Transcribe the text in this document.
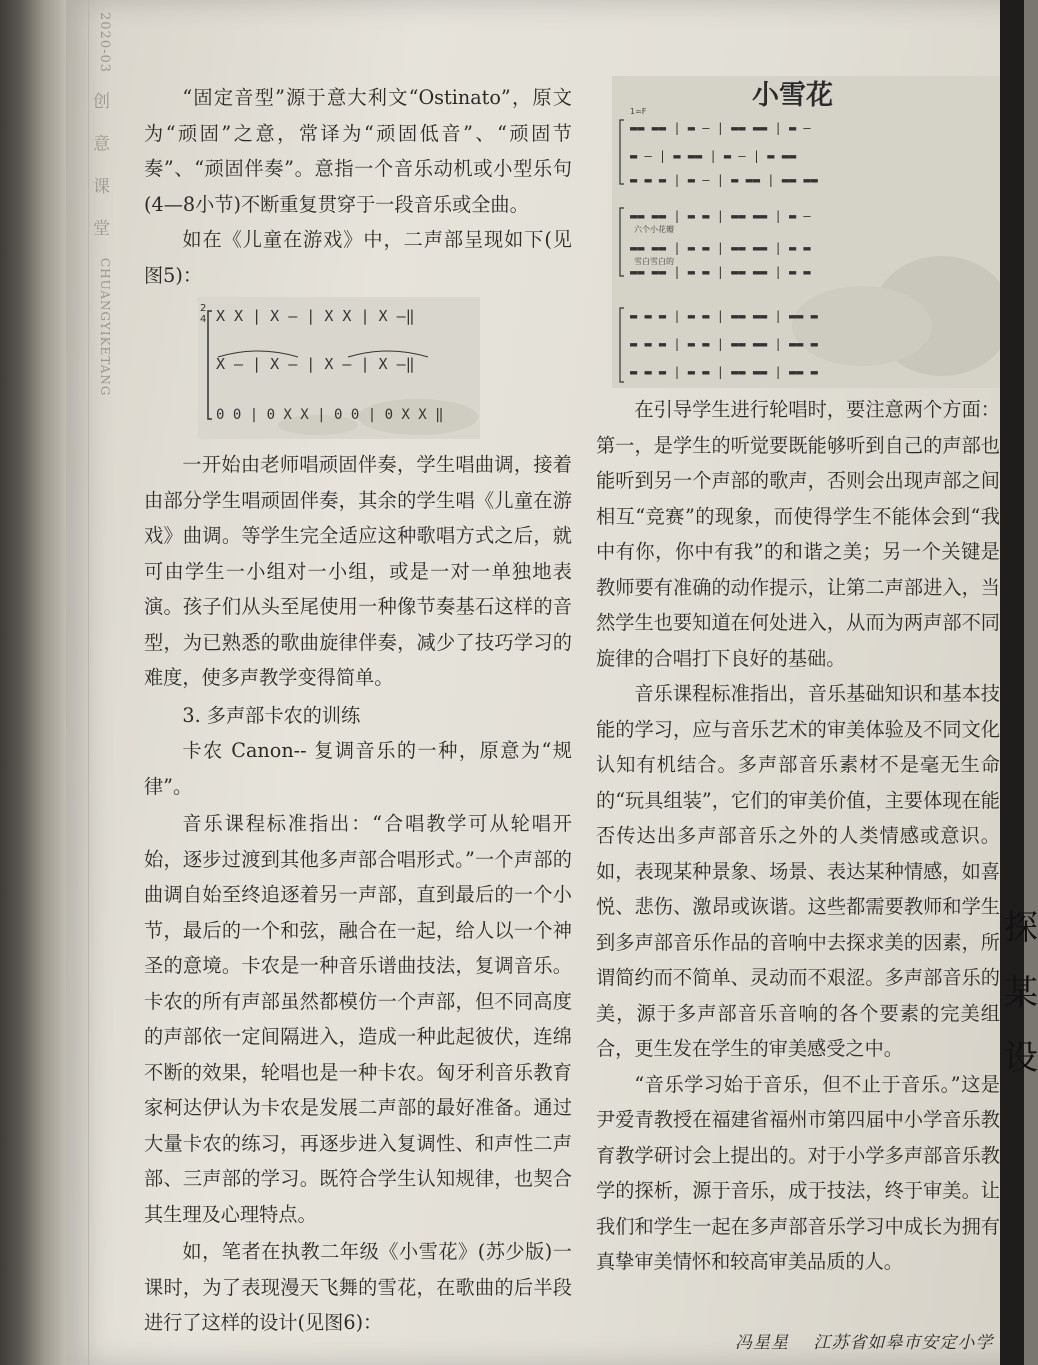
2020-03
创 意 课 堂
CHUANGYIKETANG

“固定音型”源于意大利文“Ostinato”，原文为“顽固”之意，常译为“顽固低音”、“顽固节奏”、“顽固伴奏”。意指一个音乐动机或小型乐句(4—8小节)不断重复贯穿于一段音乐或全曲。

如在《儿童在游戏》中，二声部呈现如下(见图5)：

2
4 X X | X — | X X | X —‖
X — | X — | X — | X —‖
0 0 | 0 X X | 0 0 | 0 X X ‖

一开始由老师唱顽固伴奏，学生唱曲调，接着由部分学生唱顽固伴奏，其余的学生唱《儿童在游戏》曲调。等学生完全适应这种歌唱方式之后，就可由学生一小组对一小组，或是一对一单独地表演。孩子们从头至尾使用一种像节奏基石这样的音型，为已熟悉的歌曲旋律伴奏，减少了技巧学习的难度，使多声教学变得简单。

3. 多声部卡农的训练

卡农 Canon-- 复调音乐的一种，原意为“规律”。

音乐课程标准指出：“合唱教学可从轮唱开始，逐步过渡到其他多声部合唱形式。”一个声部的曲调自始至终追逐着另一声部，直到最后的一个小节，最后的一个和弦，融合在一起，给人以一个神圣的意境。卡农是一种音乐谱曲技法，复调音乐。卡农的所有声部虽然都模仿一个声部，但不同高度的声部依一定间隔进入，造成一种此起彼伏，连绵不断的效果，轮唱也是一种卡农。匈牙利音乐教育家柯达伊认为卡农是发展二声部的最好准备。通过大量卡农的练习，再逐步进入复调性、和声性二声部、三声部的学习。既符合学生认知规律，也契合其生理及心理特点。

如，笔者在执教二年级《小雪花》(苏少版)一课时，为了表现漫天飞舞的雪花，在歌曲的后半段进行了这样的设计(见图6)：

小雪花
1=F
▬▬ ▬▬ | ▬ — | ▬▬ ▬▬ | ▬ —
▬ — | ▬ ▬▬ | ▬ — | ▬ ▬▬
▬ ▬ ▬ | ▬ — | ▬ ▬▬ | ▬▬ ▬▬
▬▬ ▬▬ | ▬ ▬ | ▬▬ ▬▬ | ▬ —
▬▬ ▬▬ | ▬ ▬ | ▬▬ ▬▬ | ▬ ▬
▬▬ ▬▬ | ▬ ▬ | ▬▬ ▬▬ | ▬ ▬
▬ ▬ ▬ | ▬ ▬ | ▬▬ ▬▬ | ▬▬ ▬
▬ ▬ ▬ | ▬ ▬ | ▬▬ ▬▬ | ▬▬ ▬
▬ ▬ ▬ | ▬ ▬ | ▬▬ ▬▬ | ▬▬ ▬
六个小花瓣
雪白雪白的

在引导学生进行轮唱时，要注意两个方面：第一，是学生的听觉要既能够听到自己的声部也能听到另一个声部的歌声，否则会出现声部之间相互“竞赛”的现象，而使得学生不能体会到“我中有你，你中有我”的和谐之美；另一个关键是教师要有准确的动作提示，让第二声部进入，当然学生也要知道在何处进入，从而为两声部不同旋律的合唱打下良好的基础。

音乐课程标准指出，音乐基础知识和基本技能的学习，应与音乐艺术的审美体验及不同文化认知有机结合。多声部音乐素材不是毫无生命的“玩具组装”，它们的审美价值，主要体现在能否传达出多声部音乐之外的人类情感或意识。如，表现某种景象、场景、表达某种情感，如喜悦、悲伤、激昂或诙谐。这些都需要教师和学生到多声部音乐作品的音响中去探求美的因素，所谓简约而不简单、灵动而不艰涩。多声部音乐的美，源于多声部音乐音响的各个要素的完美组合，更生发在学生的审美感受之中。

“音乐学习始于音乐，但不止于音乐。”这是尹爱青教授在福建省福州市第四届中小学音乐教育教学研讨会上提出的。对于小学多声部音乐教学的探析，源于音乐，成于技法，终于审美。让我们和学生一起在多声部音乐学习中成长为拥有真挚审美情怀和较高审美品质的人。

冯星星 江苏省如皋市安定小学
探
某
设
